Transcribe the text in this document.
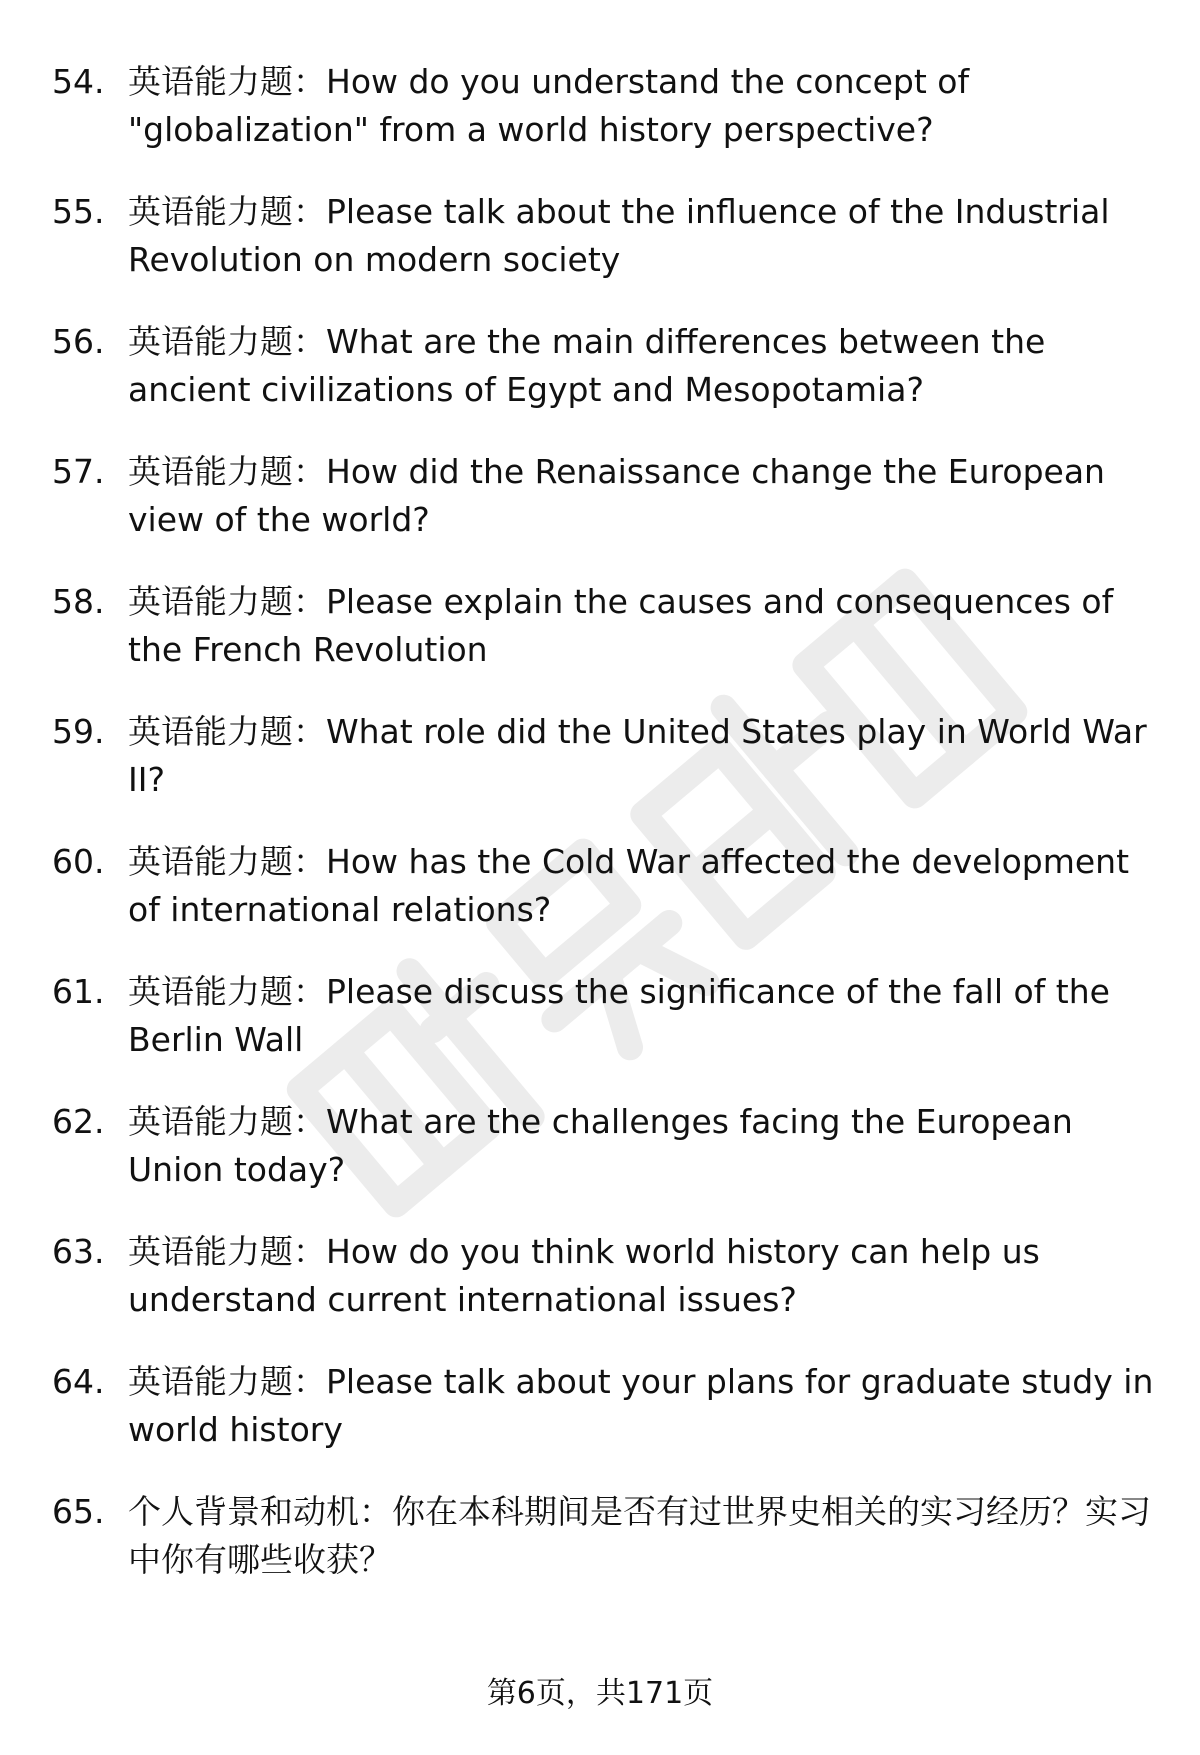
54. 英语能力题：How do you understand the concept of "globalization" from a world history perspective?
55. 英语能力题：Please talk about the influence of the Industrial Revolution on modern society
56. 英语能力题：What are the main differences between the ancient civilizations of Egypt and Mesopotamia?
57. 英语能力题：How did the Renaissance change the European view of the world?
58. 英语能力题：Please explain the causes and consequences of the French Revolution
59. 英语能力题：What role did the United States play in World War II?
60. 英语能力题：How has the Cold War affected the development of international relations?
61. 英语能力题：Please discuss the significance of the fall of the Berlin Wall
62. 英语能力题：What are the challenges facing the European Union today?
63. 英语能力题：How do you think world history can help us understand current international issues?
64. 英语能力题：Please talk about your plans for graduate study in world history
65. 个人背景和动机：你在本科期间是否有过世界史相关的实习经历？实习中你有哪些收获？
第6页，共171页
